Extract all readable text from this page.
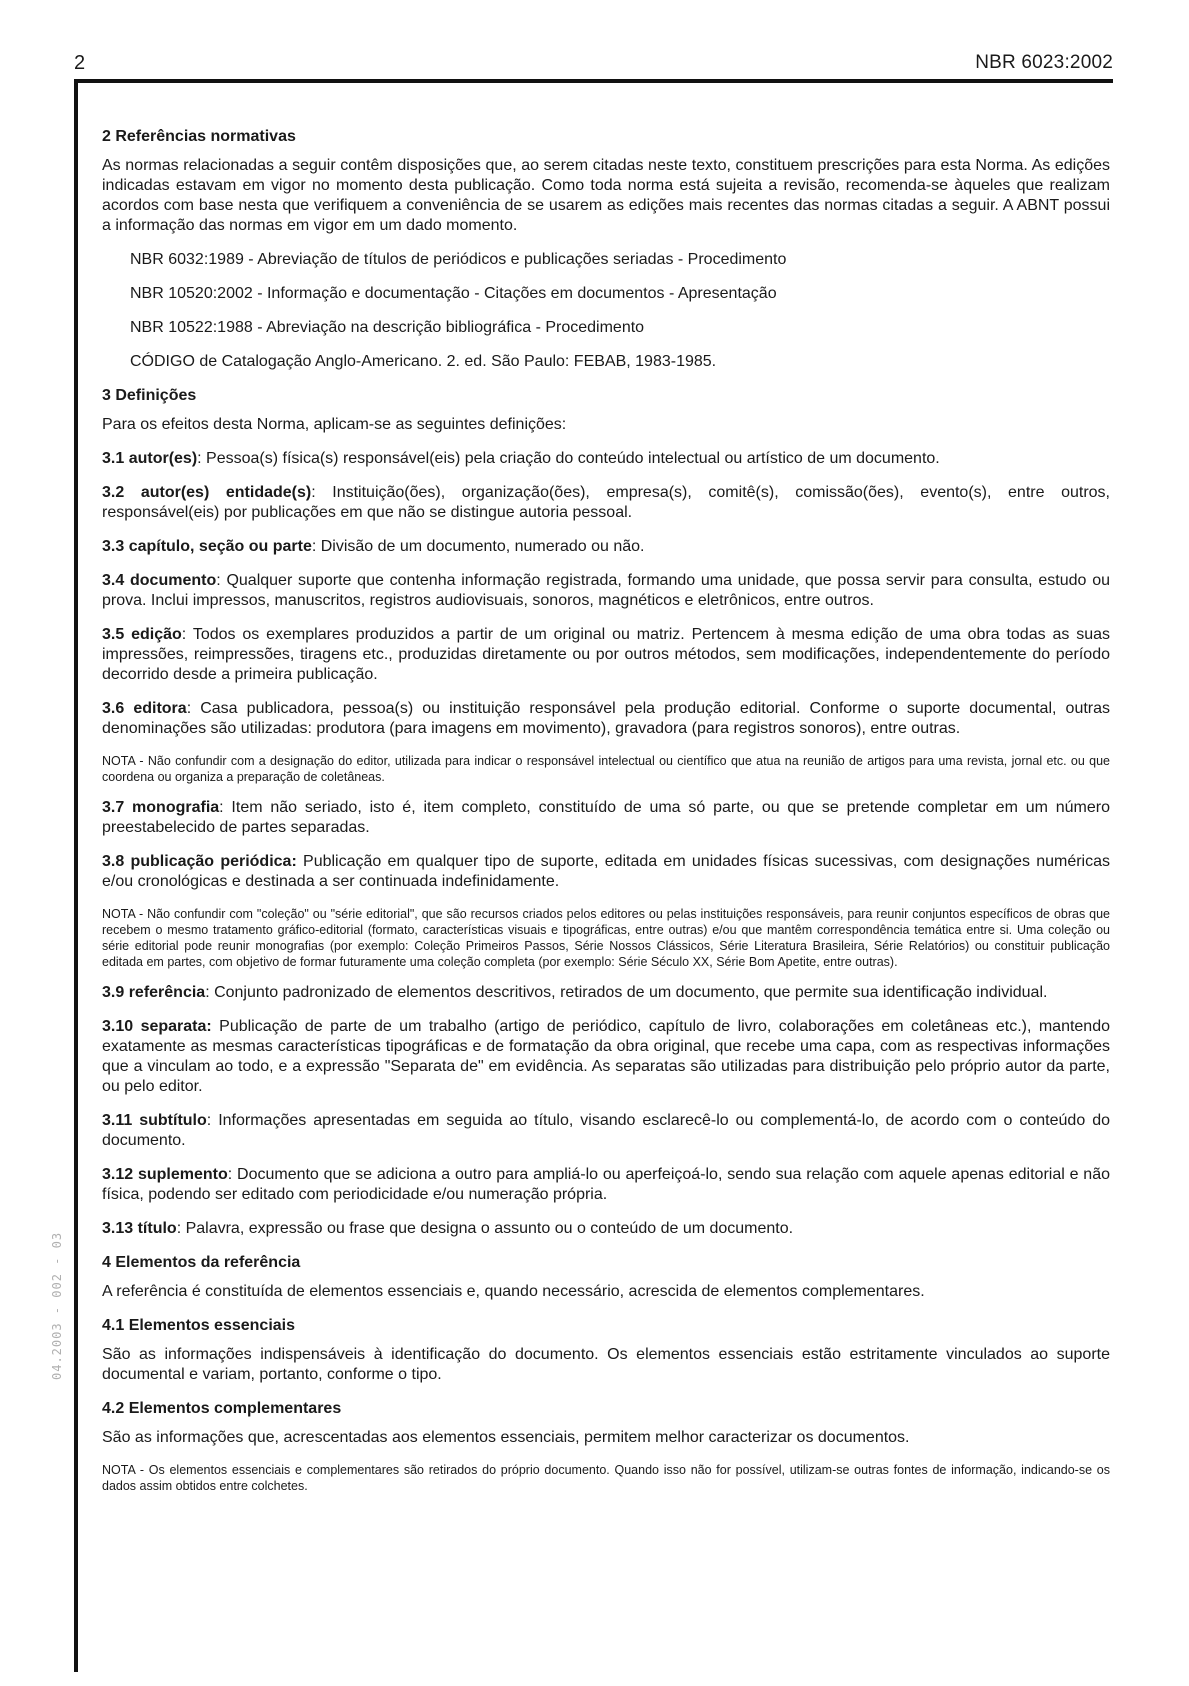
2	NBR 6023:2002
04.2003 - 002 - 03
2 Referências normativas

As normas relacionadas a seguir contêm disposições que, ao serem citadas neste texto, constituem prescrições para esta Norma. As edições indicadas estavam em vigor no momento desta publicação. Como toda norma está sujeita a revisão, recomenda-se àqueles que realizam acordos com base nesta que verifiquem a conveniência de se usarem as edições mais recentes das normas citadas a seguir. A ABNT possui a informação das normas em vigor em um dado momento.

NBR 6032:1989 - Abreviação de títulos de periódicos e publicações seriadas - Procedimento
NBR 10520:2002 - Informação e documentação - Citações em documentos - Apresentação
NBR 10522:1988 - Abreviação na descrição bibliográfica - Procedimento
CÓDIGO de Catalogação Anglo-Americano. 2. ed. São Paulo: FEBAB, 1983-1985.
3 Definições

Para os efeitos desta Norma, aplicam-se as seguintes definições:

3.1 autor(es): Pessoa(s) física(s) responsável(eis) pela criação do conteúdo intelectual ou artístico de um documento.

3.2 autor(es) entidade(s): Instituição(ões), organização(ões), empresa(s), comitê(s), comissão(ões), evento(s), entre outros, responsável(eis) por publicações em que não se distingue autoria pessoal.

3.3 capítulo, seção ou parte: Divisão de um documento, numerado ou não.

3.4 documento: Qualquer suporte que contenha informação registrada, formando uma unidade, que possa servir para consulta, estudo ou prova. Inclui impressos, manuscritos, registros audiovisuais, sonoros, magnéticos e eletrônicos, entre outros.

3.5 edição: Todos os exemplares produzidos a partir de um original ou matriz. Pertencem à mesma edição de uma obra todas as suas impressões, reimpressões, tiragens etc., produzidas diretamente ou por outros métodos, sem modificações, independentemente do período decorrido desde a primeira publicação.

3.6 editora: Casa publicadora, pessoa(s) ou instituição responsável pela produção editorial. Conforme o suporte documental, outras denominações são utilizadas: produtora (para imagens em movimento), gravadora (para registros sonoros), entre outras.

NOTA - Não confundir com a designação do editor, utilizada para indicar o responsável intelectual ou científico que atua na reunião de artigos para uma revista, jornal etc. ou que coordena ou organiza a preparação de coletâneas.

3.7 monografia: Item não seriado, isto é, item completo, constituído de uma só parte, ou que se pretende completar em um número preestabelecido de partes separadas.

3.8 publicação periódica: Publicação em qualquer tipo de suporte, editada em unidades físicas sucessivas, com designações numéricas e/ou cronológicas e destinada a ser continuada indefinidamente.

NOTA - Não confundir com "coleção" ou "série editorial", que são recursos criados pelos editores ou pelas instituições responsáveis, para reunir conjuntos específicos de obras que recebem o mesmo tratamento gráfico-editorial (formato, características visuais e tipográficas, entre outras) e/ou que mantêm correspondência temática entre si. Uma coleção ou série editorial pode reunir monografias (por exemplo: Coleção Primeiros Passos, Série Nossos Clássicos, Série Literatura Brasileira, Série Relatórios) ou constituir publicação editada em partes, com objetivo de formar futuramente uma coleção completa (por exemplo: Série Século XX, Série Bom Apetite, entre outras).

3.9 referência: Conjunto padronizado de elementos descritivos, retirados de um documento, que permite sua identificação individual.

3.10 separata: Publicação de parte de um trabalho (artigo de periódico, capítulo de livro, colaborações em coletâneas etc.), mantendo exatamente as mesmas características tipográficas e de formatação da obra original, que recebe uma capa, com as respectivas informações que a vinculam ao todo, e a expressão "Separata de" em evidência. As separatas são utilizadas para distribuição pelo próprio autor da parte, ou pelo editor.

3.11 subtítulo: Informações apresentadas em seguida ao título, visando esclarecê-lo ou complementá-lo, de acordo com o conteúdo do documento.

3.12 suplemento: Documento que se adiciona a outro para ampliá-lo ou aperfeiçoá-lo, sendo sua relação com aquele apenas editorial e não física, podendo ser editado com periodicidade e/ou numeração própria.

3.13 título: Palavra, expressão ou frase que designa o assunto ou o conteúdo de um documento.

4 Elementos da referência

A referência é constituída de elementos essenciais e, quando necessário, acrescida de elementos complementares.

4.1 Elementos essenciais

São as informações indispensáveis à identificação do documento. Os elementos essenciais estão estritamente vinculados ao suporte documental e variam, portanto, conforme o tipo.

4.2 Elementos complementares

São as informações que, acrescentadas aos elementos essenciais, permitem melhor caracterizar os documentos.

NOTA - Os elementos essenciais e complementares são retirados do próprio documento. Quando isso não for possível, utilizam-se outras fontes de informação, indicando-se os dados assim obtidos entre colchetes.
